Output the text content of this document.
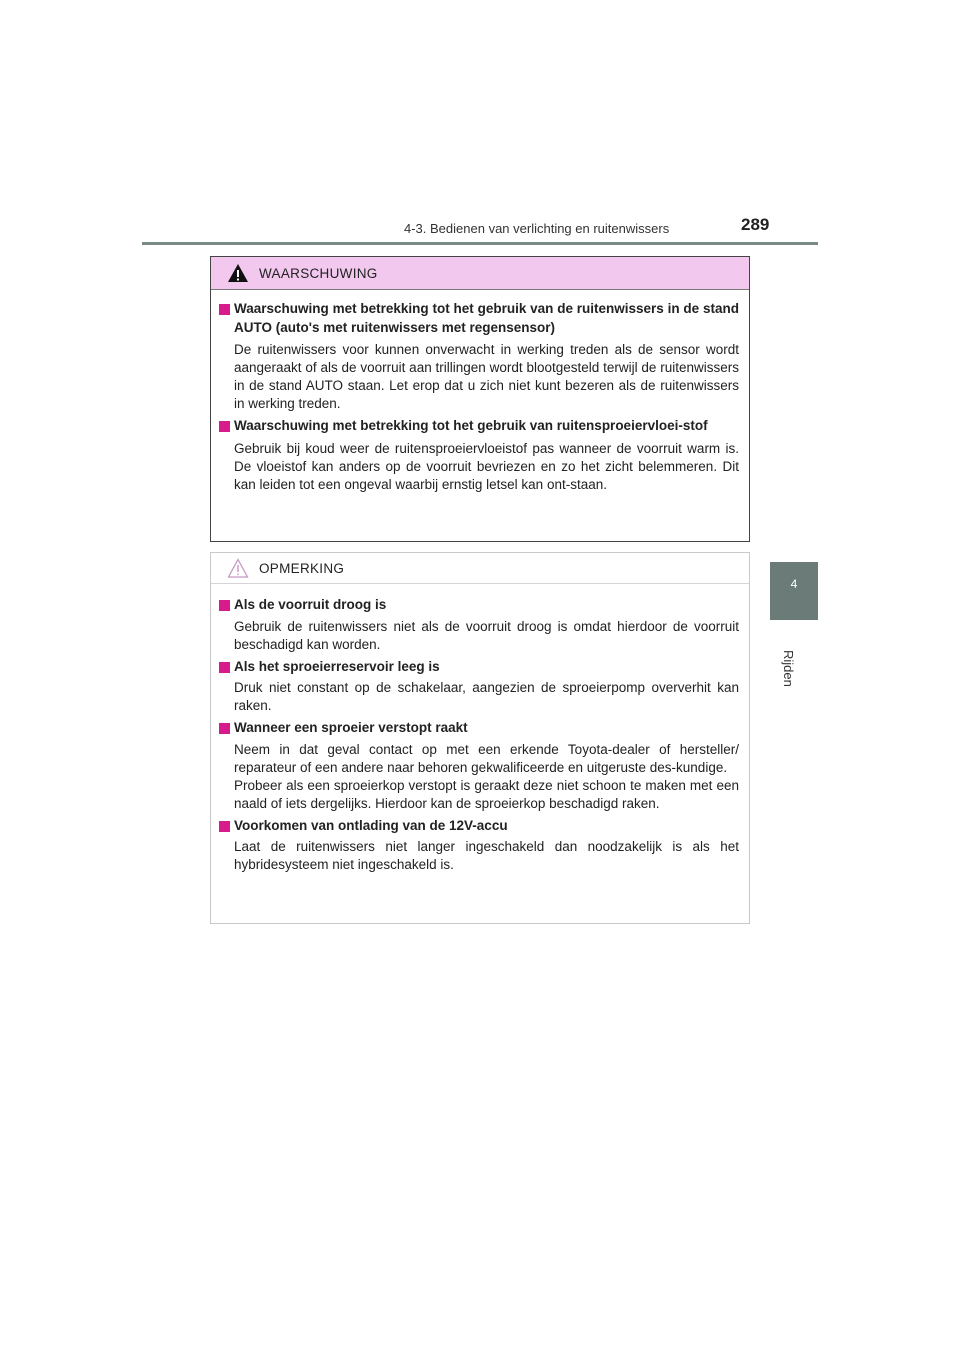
4-3. Bedienen van verlichting en ruitenwissers	289
4
Rijden
WAARSCHUWING
Waarschuwing met betrekking tot het gebruik van de ruitenwissers in de stand AUTO (auto's met ruitenwissers met regensensor)
De ruitenwissers voor kunnen onverwacht in werking treden als de sensor wordt aangeraakt of als de voorruit aan trillingen wordt blootgesteld terwijl de ruitenwissers in de stand AUTO staan. Let erop dat u zich niet kunt bezeren als de ruitenwissers in werking treden.
Waarschuwing met betrekking tot het gebruik van ruitensproeiervloei-stof
Gebruik bij koud weer de ruitensproeiervloeistof pas wanneer de voorruit warm is. De vloeistof kan anders op de voorruit bevriezen en zo het zicht belemmeren. Dit kan leiden tot een ongeval waarbij ernstig letsel kan ont-staan.
OPMERKING
Als de voorruit droog is
Gebruik de ruitenwissers niet als de voorruit droog is omdat hierdoor de voorruit beschadigd kan worden.
Als het sproeierreservoir leeg is
Druk niet constant op de schakelaar, aangezien de sproeierpomp oververhit kan raken.
Wanneer een sproeier verstopt raakt
Neem in dat geval contact op met een erkende Toyota-dealer of hersteller/ reparateur of een andere naar behoren gekwalificeerde en uitgeruste des-kundige.
Probeer als een sproeierkop verstopt is geraakt deze niet schoon te maken met een naald of iets dergelijks. Hierdoor kan de sproeierkop beschadigd raken.
Voorkomen van ontlading van de 12V-accu
Laat de ruitenwissers niet langer ingeschakeld dan noodzakelijk is als het hybridesysteem niet ingeschakeld is.
